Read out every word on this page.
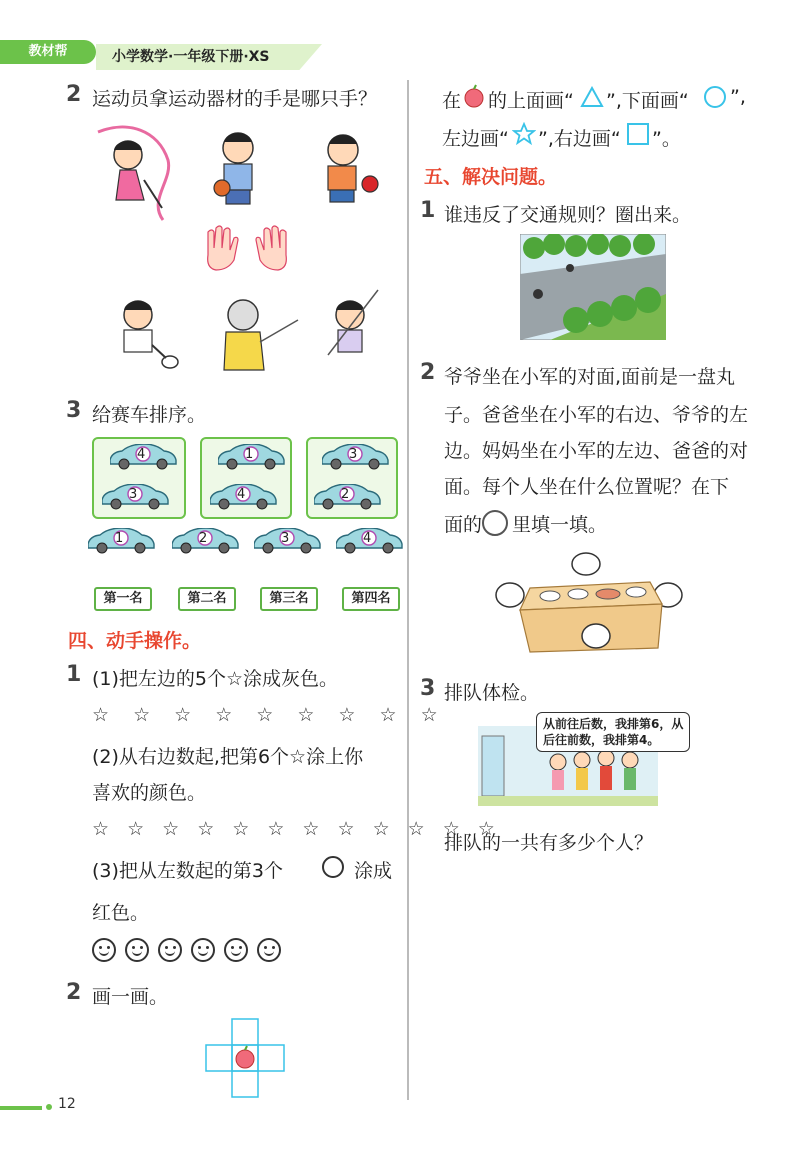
教材帮	小学数学·一年级下册·XS
2 运动员拿运动器材的手是哪只手？
3 给赛车排序。
4
3
1
4
3
2
1	2	3	4
第一名	第二名	第三名	第四名
四、动手操作。
1 (1)把左边的5个☆涂成灰色。
☆ ☆ ☆ ☆ ☆ ☆ ☆ ☆ ☆
(2)从右边数起,把第6个☆涂上你
喜欢的颜色。
☆ ☆ ☆ ☆ ☆ ☆ ☆ ☆ ☆ ☆ ☆ ☆
(3)把从左数起的第3个	涂成
红色。
2 画一画。
在 的上面画“ ”,下面画“ ”,
左边画“ ”,右边画“ ”。
五、解决问题。
1 谁违反了交通规则？圈出来。
2 爷爷坐在小军的对面,面前是一盘丸
子。爸爸坐在小军的右边、爷爷的左
边。妈妈坐在小军的左边、爸爸的对
面。每个人坐在什么位置呢？在下
面的 里填一填。
3 排队体检。
从前往后数，我排第6，从
后往前数，我排第4。
排队的一共有多少个人？
12
